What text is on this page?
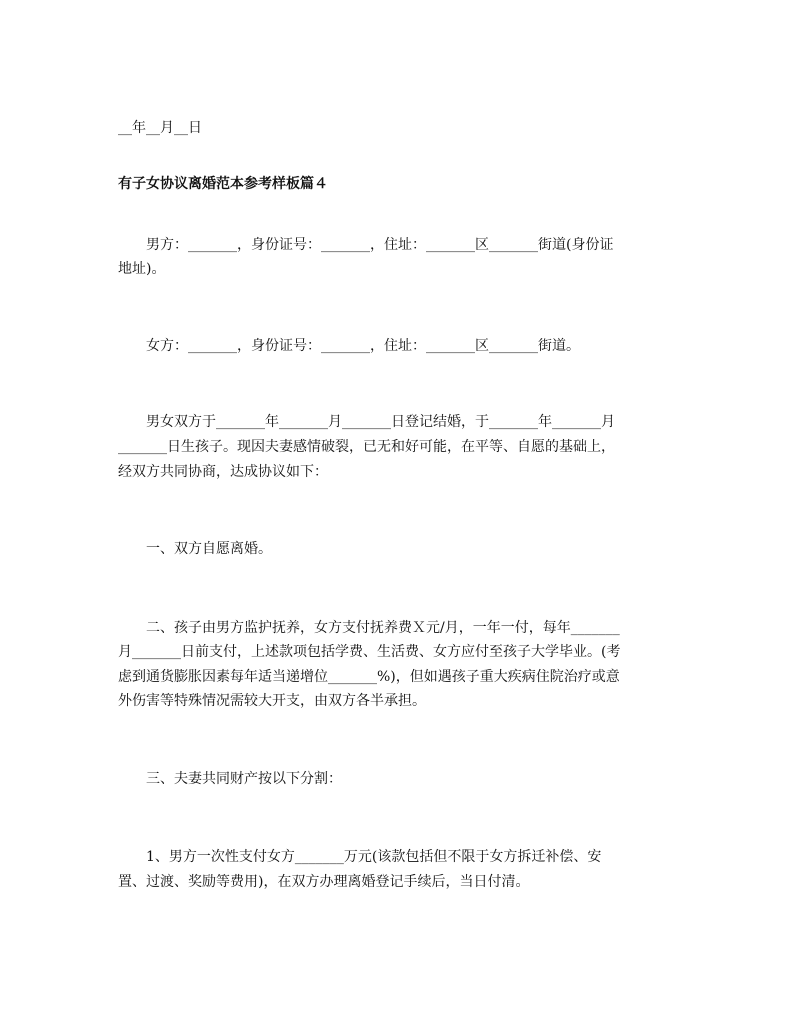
__年__月__日
有子女协议离婚范本参考样板篇４
　　男方：_______，身份证号：_______，住址：_______区_______街道(身份证
地址)。
　　女方：_______，身份证号：_______，住址：_______区_______街道。
　　男女双方于_______年_______月_______日登记结婚，于_______年_______月
_______日生孩子。现因夫妻感情破裂，已无和好可能，在平等、自愿的基础上，
经双方共同协商，达成协议如下：
　　一、双方自愿离婚。
　　二、孩子由男方监护抚养，女方支付抚养费Ｘ元/月，一年一付，每年_______
月_______日前支付，上述款项包括学费、生活费、女方应付至孩子大学毕业。(考
虑到通货膨胀因素每年适当递增位_______%)，但如遇孩子重大疾病住院治疗或意
外伤害等特殊情况需较大开支，由双方各半承担。
　　三、夫妻共同财产按以下分割：
　　1、男方一次性支付女方_______万元(该款包括但不限于女方拆迁补偿、安
置、过渡、奖励等费用)，在双方办理离婚登记手续后，当日付清。
